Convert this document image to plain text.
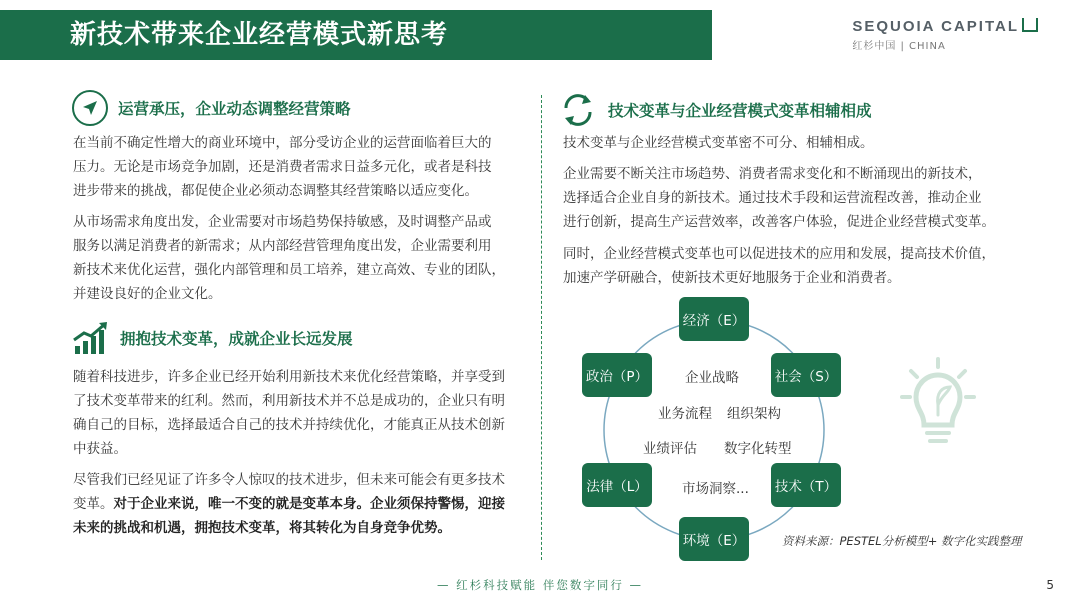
新技术带来企业经营模式新思考	SEQUOIA CAPITAL
红杉中国 | CHINA
运营承压，企业动态调整经营策略
在当前不确定性增大的商业环境中，部分受访企业的运营面临着巨大的
压力。无论是市场竞争加剧，还是消费者需求日益多元化，或者是科技
进步带来的挑战，都促使企业必须动态调整其经营策略以适应变化。
从市场需求角度出发，企业需要对市场趋势保持敏感，及时调整产品或
服务以满足消费者的新需求；从内部经营管理角度出发，企业需要利用
新技术来优化运营，强化内部管理和员工培养，建立高效、专业的团队，
并建设良好的企业文化。
拥抱技术变革，成就企业长远发展
随着科技进步，许多企业已经开始利用新技术来优化经营策略，并享受到
了技术变革带来的红利。然而，利用新技术并不总是成功的，企业只有明
确自己的目标，选择最适合自己的技术并持续优化，才能真正从技术创新
中获益。
尽管我们已经见证了许多令人惊叹的技术进步，但未来可能会有更多技术
变革。对于企业来说，唯一不变的就是变革本身。企业须保持警惕，迎接
未来的挑战和机遇，拥抱技术变革，将其转化为自身竞争优势。
技术变革与企业经营模式变革相辅相成
技术变革与企业经营模式变革密不可分、相辅相成。
企业需要不断关注市场趋势、消费者需求变化和不断涌现出的新技术，
选择适合企业自身的新技术。通过技术手段和运营流程改善，推动企业
进行创新，提高生产运营效率，改善客户体验，促进企业经营模式变革。
同时，企业经营模式变革也可以促进技术的应用和发展，提高技术价值，
加速产学研融合，使新技术更好地服务于企业和消费者。
经济（E）
社会（S）
技术（T）
环境（E）
法律（L）
政治（P）	企业战略
业务流程 组织架构
业绩评估 数字化转型
市场洞察...
资料来源：PESTEL分析模型+ 数字化实践整理
— 红杉科技赋能 伴您数字同行 —	5
